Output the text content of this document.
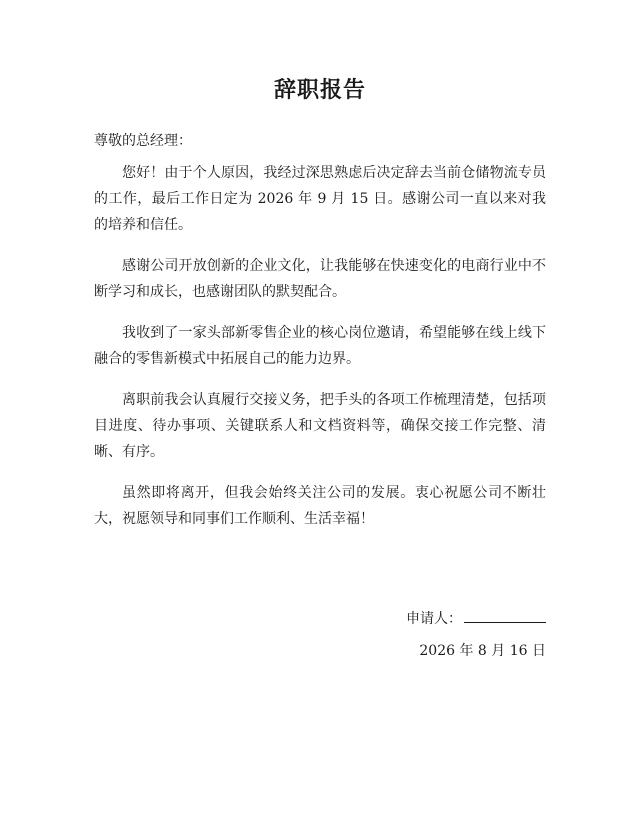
辞职报告
尊敬的总经理：

您好！由于个人原因，我经过深思熟虑后决定辞去当前仓储物流专员的工作，最后工作日定为 2026 年 9 月 15 日。感谢公司一直以来对我的培养和信任。

感谢公司开放创新的企业文化，让我能够在快速变化的电商行业中不断学习和成长，也感谢团队的默契配合。

我收到了一家头部新零售企业的核心岗位邀请，希望能够在线上线下融合的零售新模式中拓展自己的能力边界。

离职前我会认真履行交接义务，把手头的各项工作梳理清楚，包括项目进度、待办事项、关键联系人和文档资料等，确保交接工作完整、清晰、有序。

虽然即将离开，但我会始终关注公司的发展。衷心祝愿公司不断壮大，祝愿领导和同事们工作顺利、生活幸福！

申请人：
2026 年 8 月 16 日
